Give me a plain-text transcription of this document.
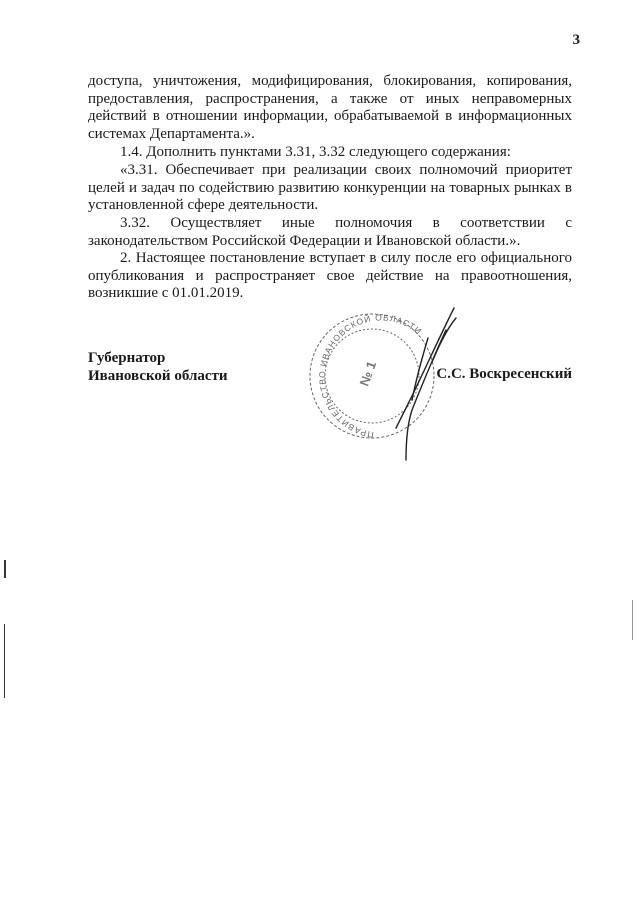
3

доступа, уничтожения, модифицирования, блокирования, копирования, предоставления, распространения, а также от иных неправомерных действий в отношении информации, обрабатываемой в информационных системах Департамента.».

1.4. Дополнить пунктами 3.31, 3.32 следующего содержания:

«3.31. Обеспечивает при реализации своих полномочий приоритет целей и задач по содействию развитию конкуренции на товарных рынках в установленной сфере деятельности.

3.32. Осуществляет иные полномочия в соответствии с законодательством Российской Федерации и Ивановской области.».

2. Настоящее постановление вступает в силу после его официального опубликования и распространяет свое действие на правоотношения, возникшие с 01.01.2019.

Губернатор
Ивановской области
ПРАВИТЕЛЬСТВО ИВАНОВСКОЙ ОБЛАСТИ
№ 1	С.С. Воскресенский
